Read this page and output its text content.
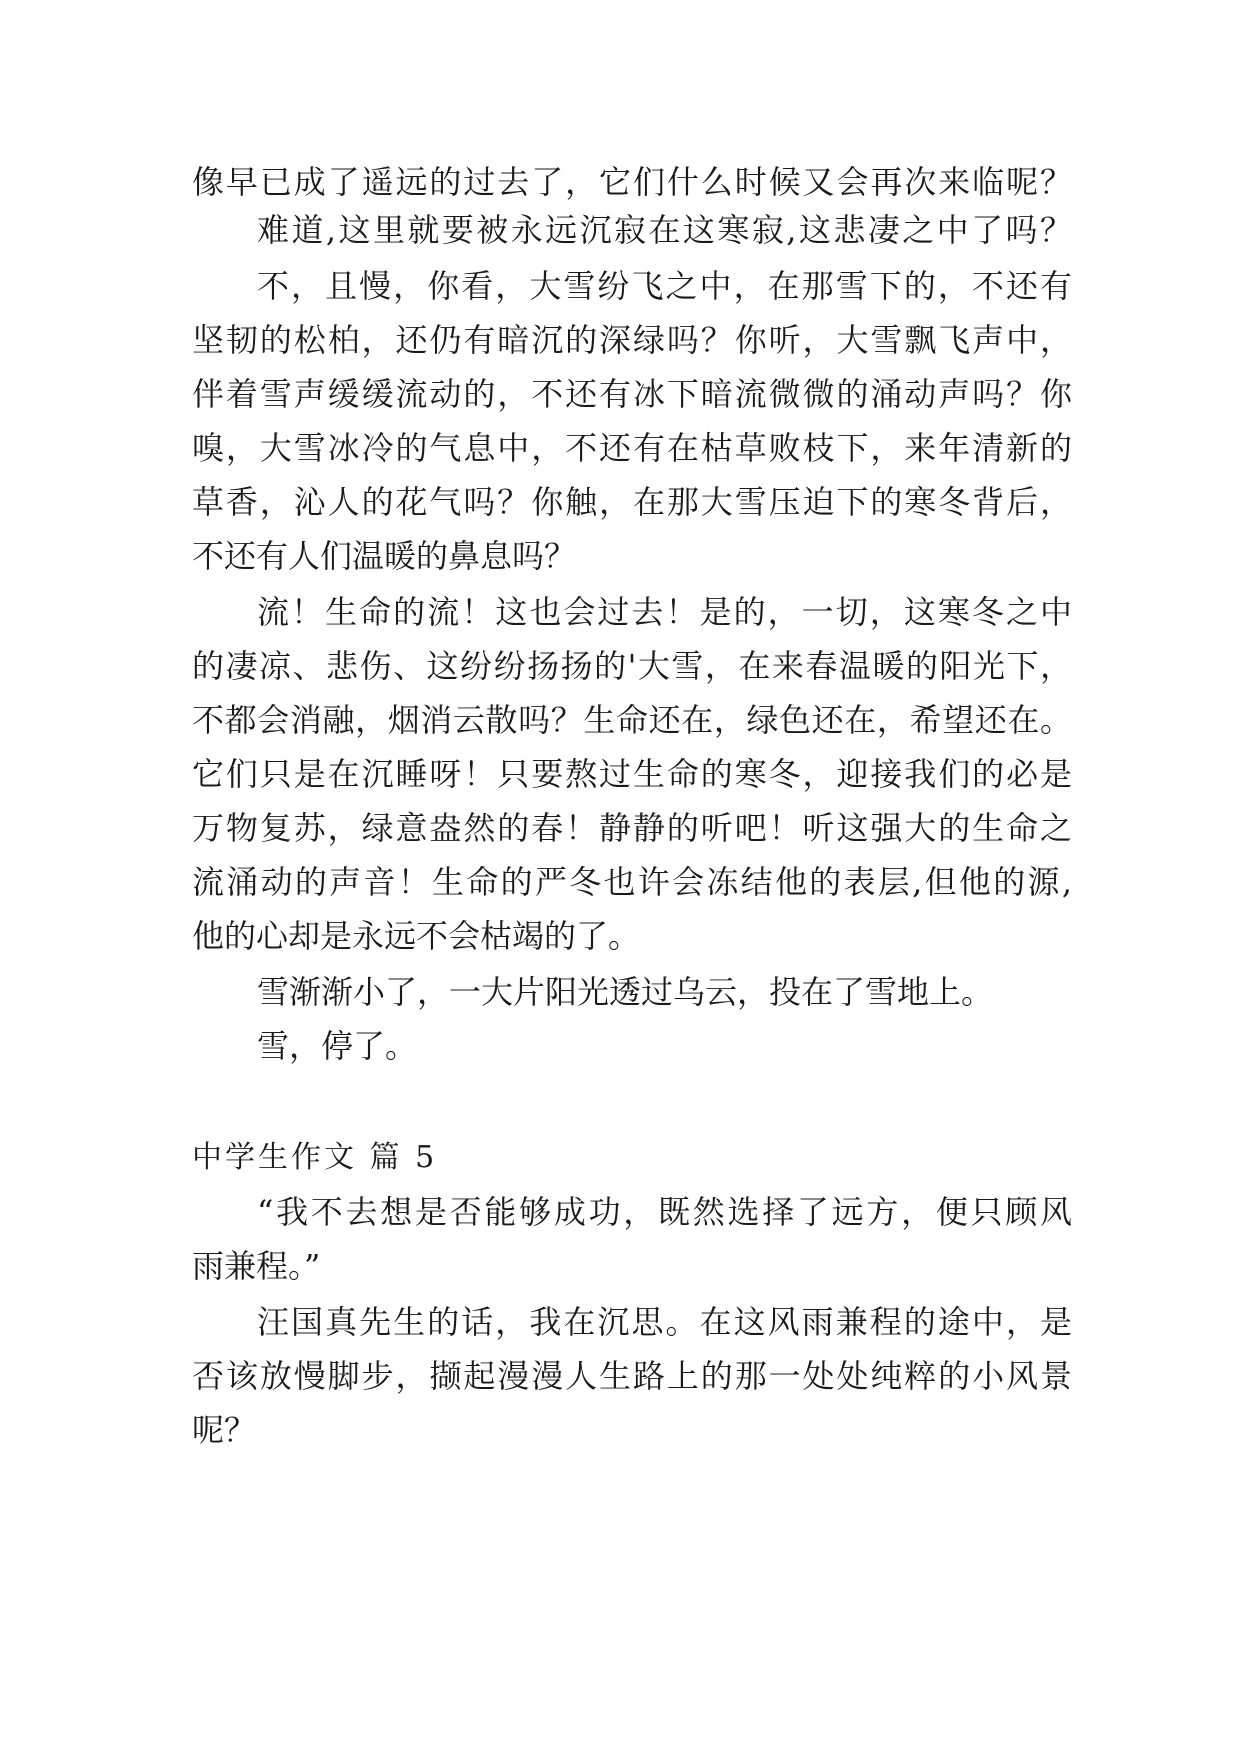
像早已成了遥远的过去了，它们什么时候又会再次来临呢？
难道,这里就要被永远沉寂在这寒寂,这悲凄之中了吗？
不，且慢，你看，大雪纷飞之中，在那雪下的，不还有
坚韧的松柏，还仍有暗沉的深绿吗？你听，大雪飘飞声中，
伴着雪声缓缓流动的，不还有冰下暗流微微的涌动声吗？你
嗅，大雪冰冷的气息中，不还有在枯草败枝下，来年清新的
草香，沁人的花气吗？你触，在那大雪压迫下的寒冬背后，
不还有人们温暖的鼻息吗？
流！生命的流！这也会过去！是的，一切，这寒冬之中
的凄凉、悲伤、这纷纷扬扬的'大雪，在来春温暖的阳光下，
不都会消融，烟消云散吗？生命还在，绿色还在，希望还在。
它们只是在沉睡呀！只要熬过生命的寒冬，迎接我们的必是
万物复苏，绿意盎然的春！静静的听吧！听这强大的生命之
流涌动的声音！生命的严冬也许会冻结他的表层,但他的源,
他的心却是永远不会枯竭的了。
雪渐渐小了，一大片阳光透过乌云，投在了雪地上。
雪，停了。
中学生作文 篇 5
“我不去想是否能够成功，既然选择了远方，便只顾风
雨兼程。”
汪国真先生的话，我在沉思。在这风雨兼程的途中，是
否该放慢脚步，撷起漫漫人生路上的那一处处纯粹的小风景
呢？
